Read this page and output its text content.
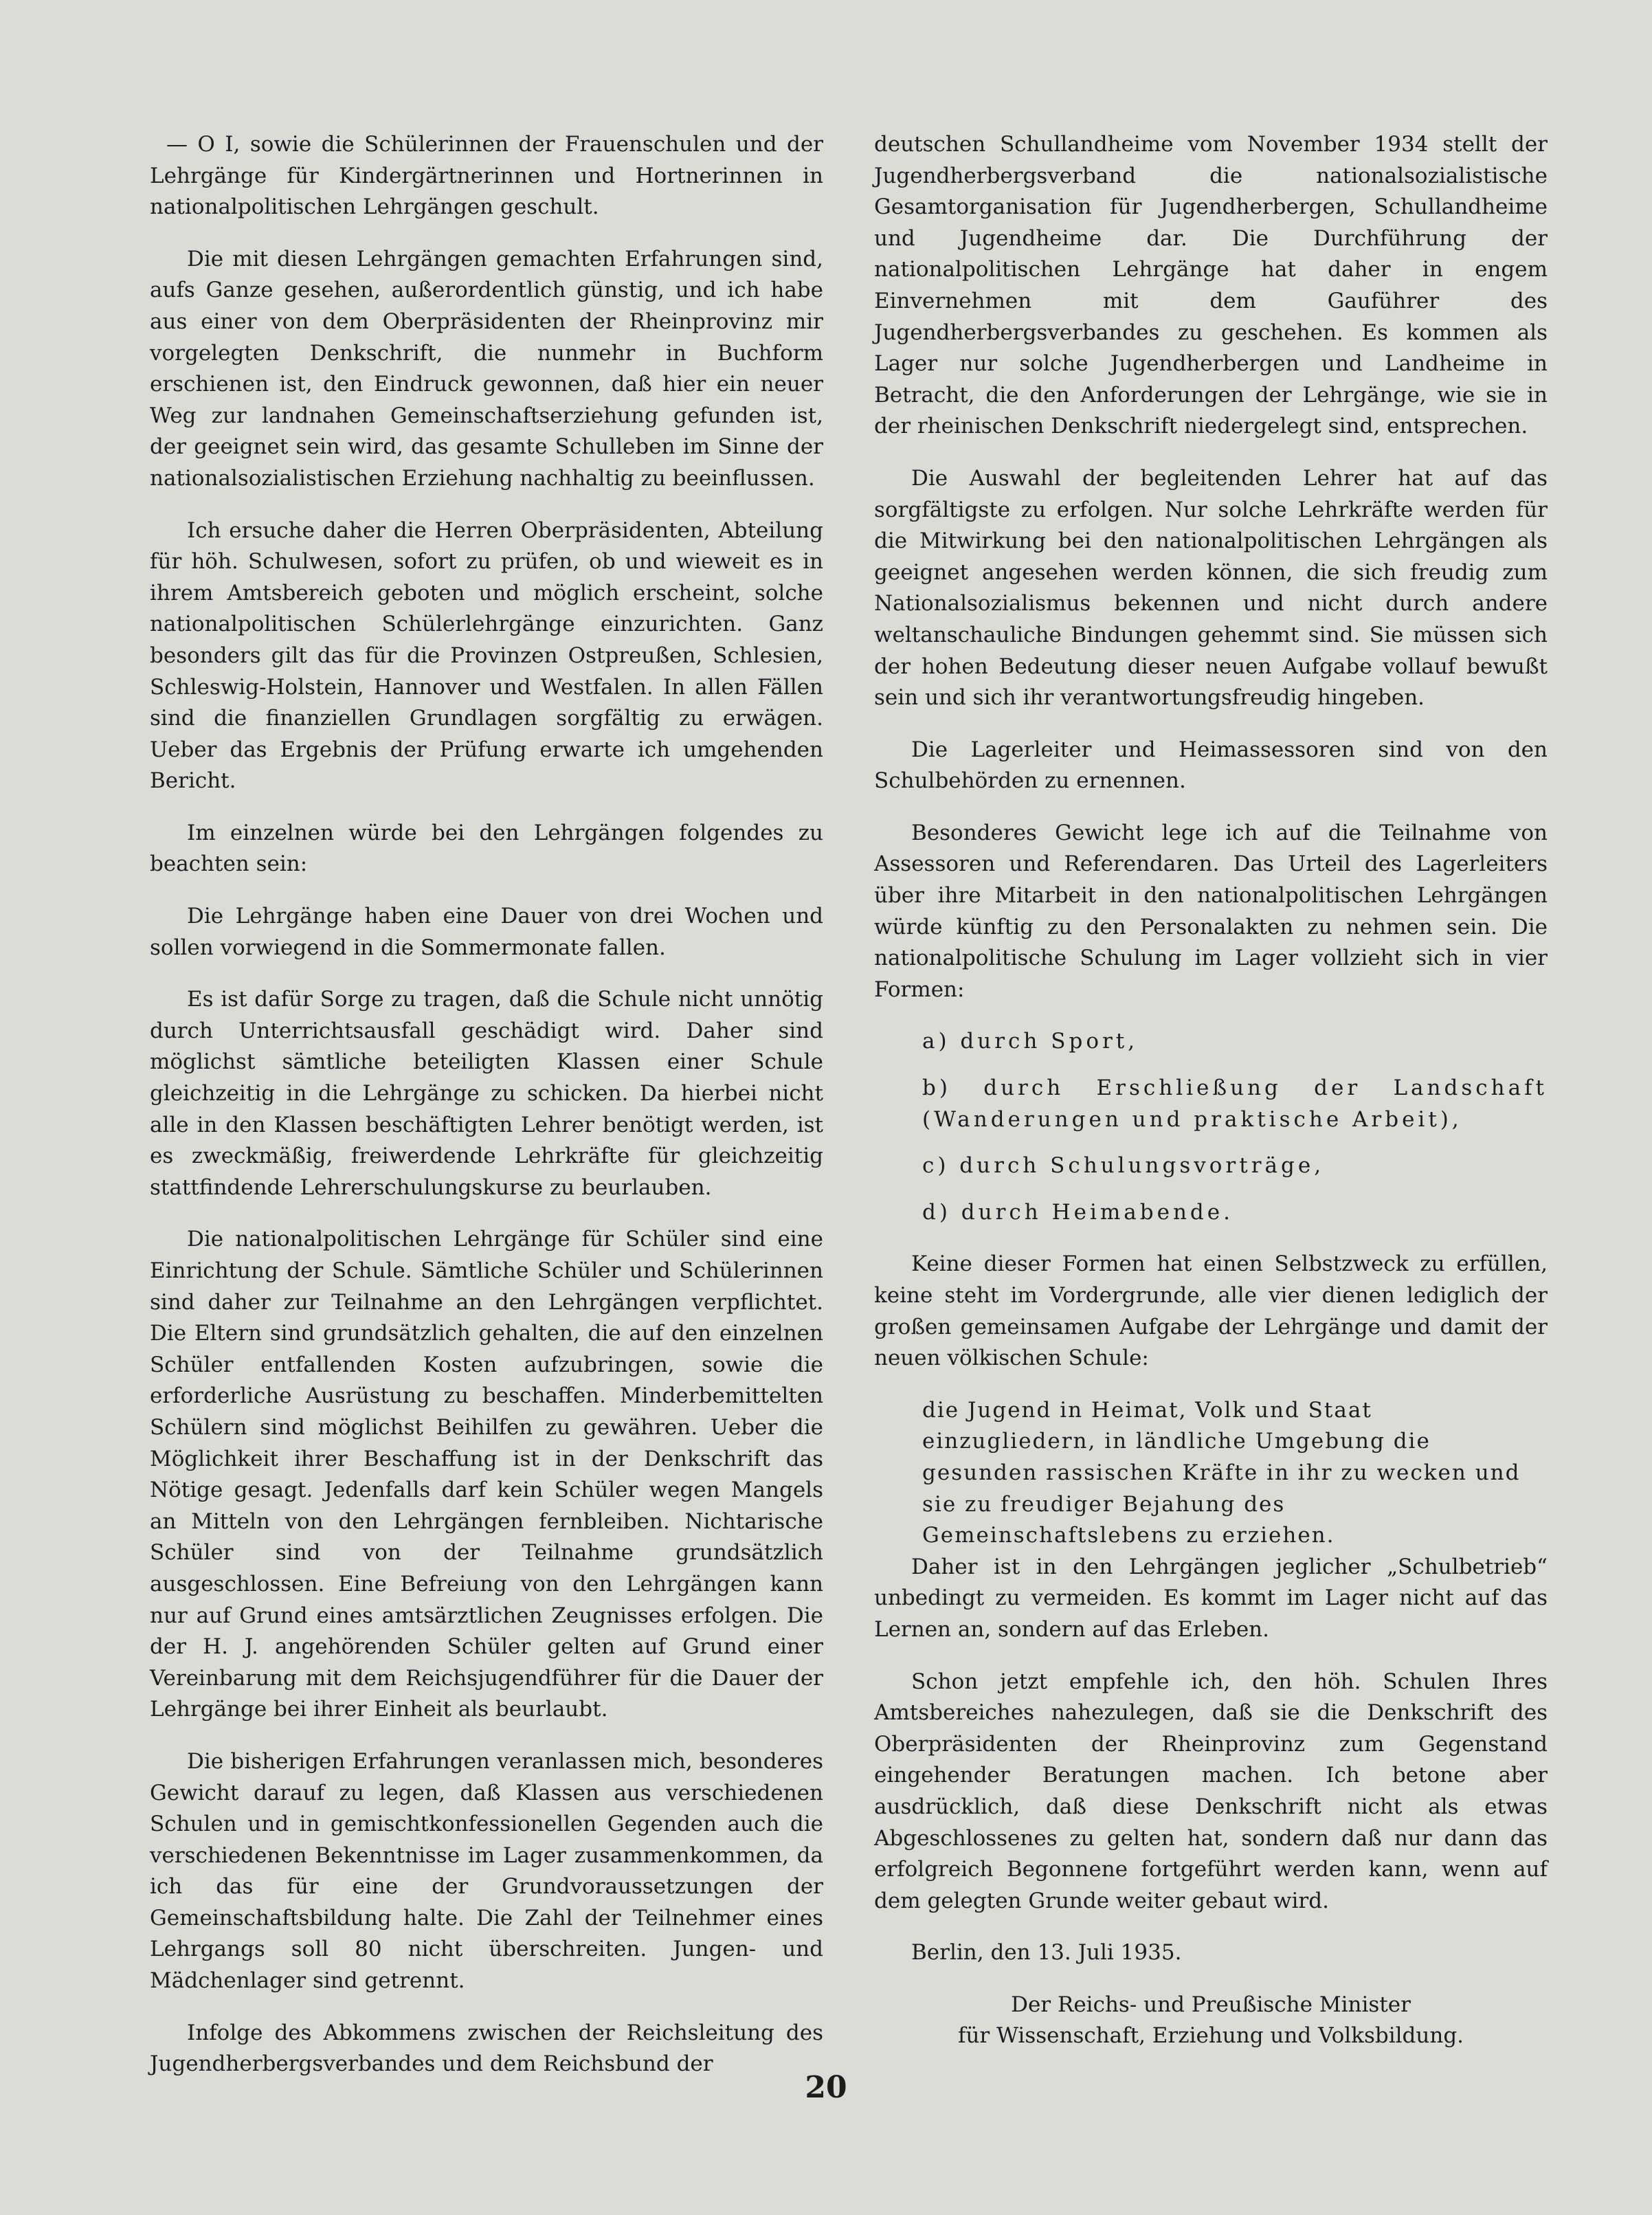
— O I, sowie die Schülerinnen der Frauenschulen und der Lehrgänge für Kindergärtnerinnen und Hortnerinnen in nationalpolitischen Lehrgängen geschult.

Die mit diesen Lehrgängen gemachten Erfahrungen sind, aufs Ganze gesehen, außerordentlich günstig, und ich habe aus einer von dem Oberpräsidenten der Rheinprovinz mir vorgelegten Denkschrift, die nunmehr in Buchform erschienen ist, den Eindruck gewonnen, daß hier ein neuer Weg zur landnahen Gemeinschaftserziehung gefunden ist, der geeignet sein wird, das gesamte Schulleben im Sinne der nationalsozialistischen Erziehung nachhaltig zu beeinflussen.

Ich ersuche daher die Herren Oberpräsidenten, Abteilung für höh. Schulwesen, sofort zu prüfen, ob und wieweit es in ihrem Amtsbereich geboten und möglich erscheint, solche nationalpolitischen Schülerlehrgänge einzurichten. Ganz besonders gilt das für die Provinzen Ostpreußen, Schlesien, Schleswig-Holstein, Hannover und Westfalen. In allen Fällen sind die finanziellen Grundlagen sorgfältig zu erwägen. Ueber das Ergebnis der Prüfung erwarte ich umgehenden Bericht.

Im einzelnen würde bei den Lehrgängen folgendes zu beachten sein:

Die Lehrgänge haben eine Dauer von drei Wochen und sollen vorwiegend in die Sommermonate fallen.

Es ist dafür Sorge zu tragen, daß die Schule nicht unnötig durch Unterrichtsausfall geschädigt wird. Daher sind möglichst sämtliche beteiligten Klassen einer Schule gleichzeitig in die Lehrgänge zu schicken. Da hierbei nicht alle in den Klassen beschäftigten Lehrer benötigt werden, ist es zweckmäßig, freiwerdende Lehrkräfte für gleichzeitig stattfindende Lehrerschulungskurse zu beurlauben.

Die nationalpolitischen Lehrgänge für Schüler sind eine Einrichtung der Schule. Sämtliche Schüler und Schülerinnen sind daher zur Teilnahme an den Lehrgängen verpflichtet. Die Eltern sind grundsätzlich gehalten, die auf den einzelnen Schüler entfallenden Kosten aufzubringen, sowie die erforderliche Ausrüstung zu beschaffen. Minderbemittelten Schülern sind möglichst Beihilfen zu gewähren. Ueber die Möglichkeit ihrer Beschaffung ist in der Denkschrift das Nötige gesagt. Jedenfalls darf kein Schüler wegen Mangels an Mitteln von den Lehrgängen fernbleiben. Nichtarische Schüler sind von der Teilnahme grundsätzlich ausgeschlossen. Eine Befreiung von den Lehrgängen kann nur auf Grund eines amtsärztlichen Zeugnisses erfolgen. Die der H. J. angehörenden Schüler gelten auf Grund einer Vereinbarung mit dem Reichsjugendführer für die Dauer der Lehrgänge bei ihrer Einheit als beurlaubt.

Die bisherigen Erfahrungen veranlassen mich, besonderes Gewicht darauf zu legen, daß Klassen aus verschiedenen Schulen und in gemischtkonfessionellen Gegenden auch die verschiedenen Bekenntnisse im Lager zusammenkommen, da ich das für eine der Grundvoraussetzungen der Gemeinschaftsbildung halte. Die Zahl der Teilnehmer eines Lehrgangs soll 80 nicht überschreiten. Jungen- und Mädchenlager sind getrennt.

Infolge des Abkommens zwischen der Reichsleitung des Jugendherbergsverbandes und dem Reichsbund der

deutschen Schullandheime vom November 1934 stellt der Jugendherbergsverband die nationalsozialistische Gesamtorganisation für Jugendherbergen, Schullandheime und Jugendheime dar. Die Durchführung der nationalpolitischen Lehrgänge hat daher in engem Einvernehmen mit dem Gauführer des Jugendherbergsverbandes zu geschehen. Es kommen als Lager nur solche Jugendherbergen und Landheime in Betracht, die den Anforderungen der Lehrgänge, wie sie in der rheinischen Denkschrift niedergelegt sind, entsprechen.

Die Auswahl der begleitenden Lehrer hat auf das sorgfältigste zu erfolgen. Nur solche Lehrkräfte werden für die Mitwirkung bei den nationalpolitischen Lehrgängen als geeignet angesehen werden können, die sich freudig zum Nationalsozialismus bekennen und nicht durch andere weltanschauliche Bindungen gehemmt sind. Sie müssen sich der hohen Bedeutung dieser neuen Aufgabe vollauf bewußt sein und sich ihr verantwortungsfreudig hingeben.

Die Lagerleiter und Heimassessoren sind von den Schulbehörden zu ernennen.

Besonderes Gewicht lege ich auf die Teilnahme von Assessoren und Referendaren. Das Urteil des Lagerleiters über ihre Mitarbeit in den nationalpolitischen Lehrgängen würde künftig zu den Personalakten zu nehmen sein. Die nationalpolitische Schulung im Lager vollzieht sich in vier Formen:

a) durch Sport,
b) durch Erschließung der Landschaft (Wanderungen und praktische Arbeit),
c) durch Schulungsvorträge,
d) durch Heimabende.

Keine dieser Formen hat einen Selbstzweck zu erfüllen, keine steht im Vordergrunde, alle vier dienen lediglich der großen gemeinsamen Aufgabe der Lehrgänge und damit der neuen völkischen Schule:

die Jugend in Heimat, Volk und Staat einzugliedern, in ländliche Umgebung die gesunden rassischen Kräfte in ihr zu wecken und sie zu freudiger Bejahung des Gemeinschaftslebens zu erziehen.

Daher ist in den Lehrgängen jeglicher „Schulbetrieb“ unbedingt zu vermeiden. Es kommt im Lager nicht auf das Lernen an, sondern auf das Erleben.

Schon jetzt empfehle ich, den höh. Schulen Ihres Amtsbereiches nahezulegen, daß sie die Denkschrift des Oberpräsidenten der Rheinprovinz zum Gegenstand eingehender Beratungen machen. Ich betone aber ausdrücklich, daß diese Denkschrift nicht als etwas Abgeschlossenes zu gelten hat, sondern daß nur dann das erfolgreich Begonnene fortgeführt werden kann, wenn auf dem gelegten Grunde weiter gebaut wird.

Berlin, den 13. Juli 1935.

Der Reichs- und Preußische Minister
für Wissenschaft, Erziehung und Volksbildung.
20
